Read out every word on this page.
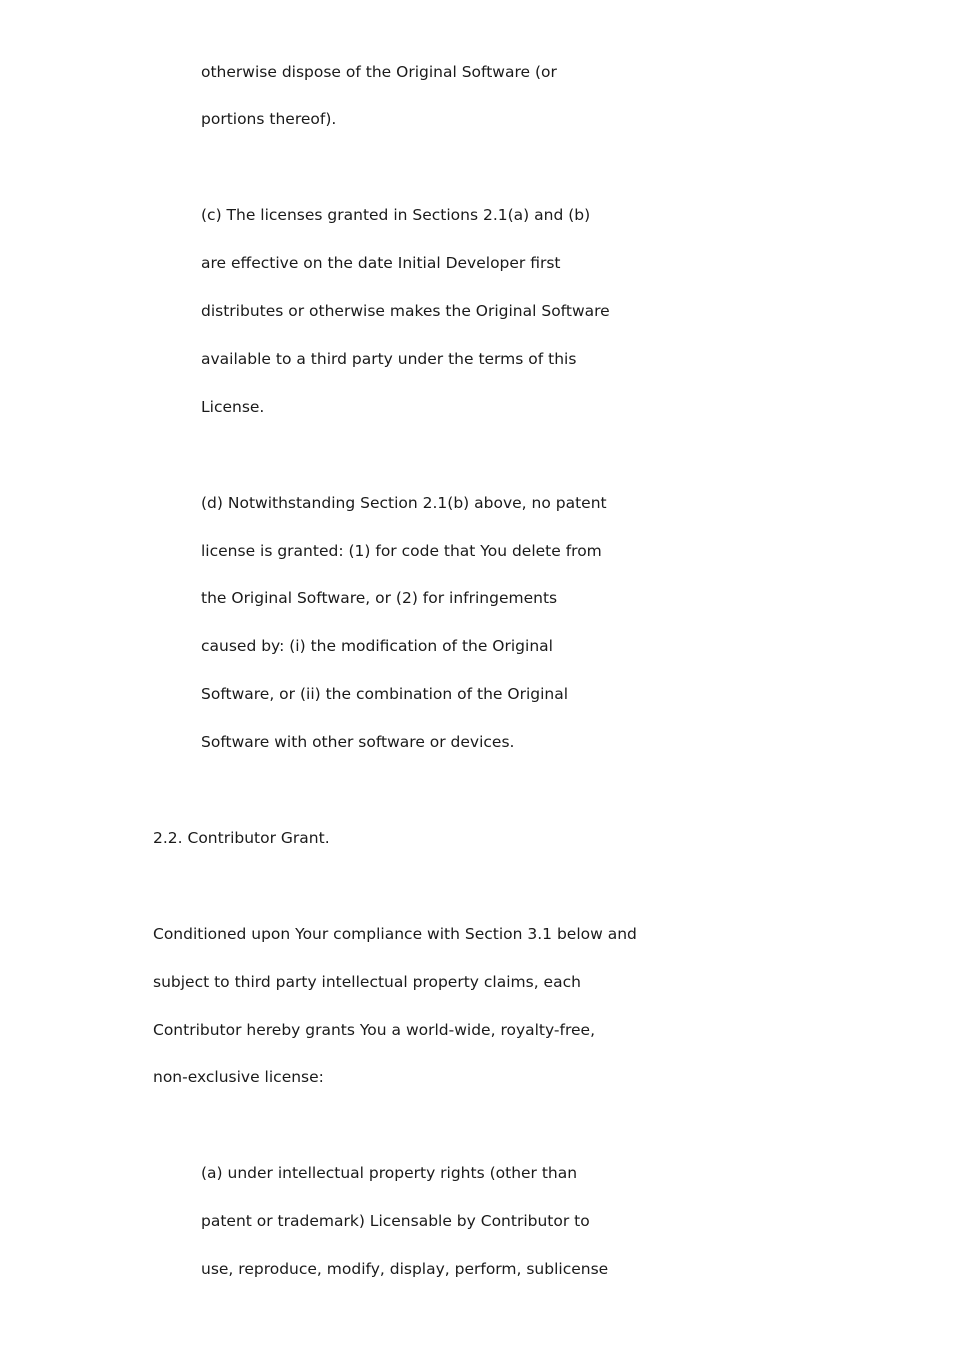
otherwise dispose of the Original Software (or

portions thereof).

(c) The licenses granted in Sections 2.1(a) and (b)

are effective on the date Initial Developer first

distributes or otherwise makes the Original Software

available to a third party under the terms of this

License.

(d) Notwithstanding Section 2.1(b) above, no patent

license is granted: (1) for code that You delete from

the Original Software, or (2) for infringements

caused by: (i) the modification of the Original

Software, or (ii) the combination of the Original

Software with other software or devices.

2.2. Contributor Grant.

Conditioned upon Your compliance with Section 3.1 below and

subject to third party intellectual property claims, each

Contributor hereby grants You a world-wide, royalty-free,

non-exclusive license:

(a) under intellectual property rights (other than

patent or trademark) Licensable by Contributor to

use, reproduce, modify, display, perform, sublicense
